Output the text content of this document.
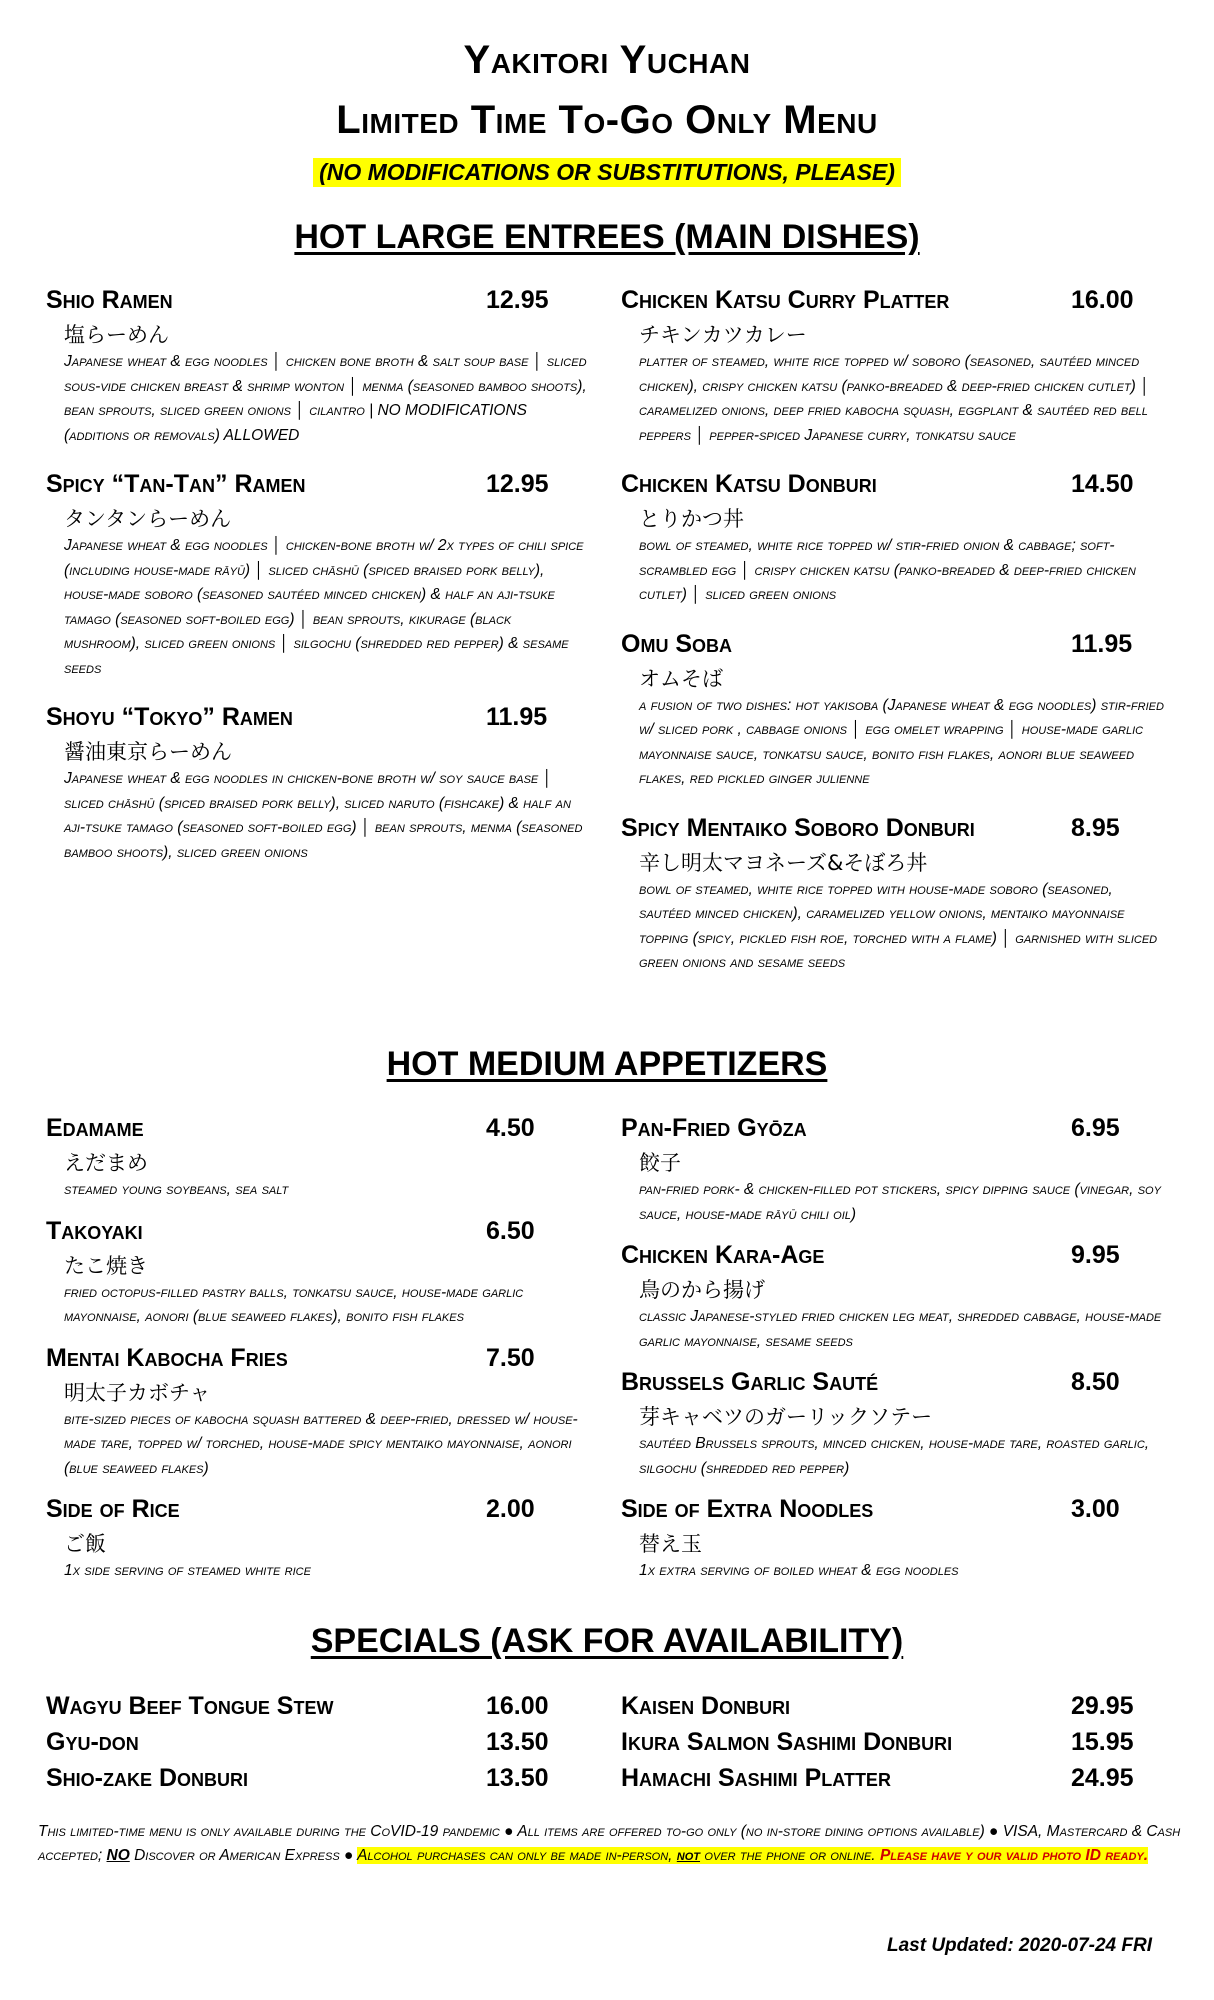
Yakitori Yuchan
Limited Time To-Go Only Menu
(NO MODIFICATIONS OR SUBSTITUTIONS, PLEASE)
HOT LARGE ENTREES (MAIN DISHES)
Shio Ramen	12.95
塩らーめん
Japanese wheat & egg noodles │ chicken bone broth & salt soup base │ sliced sous-vide chicken breast & shrimp wonton │ menma (seasoned bamboo shoots), bean sprouts, sliced green onions │ cilantro | NO MODIFICATIONS (additions or removals) ALLOWED
Spicy “Tan-Tan” Ramen	12.95
タンタンらーめん
Japanese wheat & egg noodles │ chicken-bone broth w/ 2x types of chili spice (including house-made rāyū) │ sliced chāshū (spiced braised pork belly), house-made soboro (seasoned sautéed minced chicken) & half an aji-tsuke tamago (seasoned soft-boiled egg) │ bean sprouts, kikurage (black mushroom), sliced green onions │ silgochu (shredded red pepper) & sesame seeds
Shoyu “Tokyo” Ramen	11.95
醤油東京らーめん
Japanese wheat & egg noodles in chicken-bone broth w/ soy sauce base │ sliced chāshū (spiced braised pork belly), sliced naruto (fishcake) & half an aji-tsuke tamago (seasoned soft-boiled egg) │ bean sprouts, menma (seasoned bamboo shoots), sliced green onions
Chicken Katsu Curry Platter	16.00
チキンカツカレー
platter of steamed, white rice topped w/ soboro (seasoned, sautéed minced chicken), crispy chicken katsu (panko-breaded & deep-fried chicken cutlet) │ caramelized onions, deep fried kabocha squash, eggplant & sautéed red bell peppers │ pepper-spiced Japanese curry, tonkatsu sauce
Chicken Katsu Donburi	14.50
とりかつ丼
bowl of steamed, white rice topped w/ stir-fried onion & cabbage; soft-scrambled egg │ crispy chicken katsu (panko-breaded & deep-fried chicken cutlet) │ sliced green onions
Omu Soba	11.95
オムそば
a fusion of two dishes: hot yakisoba (Japanese wheat & egg noodles) stir-fried w/ sliced pork , cabbage onions │ egg omelet wrapping │ house-made garlic mayonnaise sauce, tonkatsu sauce, bonito fish flakes, aonori blue seaweed flakes, red pickled ginger julienne
Spicy Mentaiko Soboro Donburi	8.95
辛し明太マヨネーズ&そぼろ丼
bowl of steamed, white rice topped with house-made soboro (seasoned, sautéed minced chicken), caramelized yellow onions, mentaiko mayonnaise topping (spicy, pickled fish roe, torched with a flame) │ garnished with sliced green onions and sesame seeds
HOT MEDIUM APPETIZERS
Edamame	4.50
えだまめ
steamed young soybeans, sea salt
Takoyaki	6.50
たこ焼き
fried octopus-filled pastry balls, tonkatsu sauce, house-made garlic mayonnaise, aonori (blue seaweed flakes), bonito fish flakes
Mentai Kabocha Fries	7.50
明太子カボチャ
bite-sized pieces of kabocha squash battered & deep-fried, dressed w/ house-made tare, topped w/ torched, house-made spicy mentaiko mayonnaise, aonori (blue seaweed flakes)
Side of Rice	2.00
ご飯
1x side serving of steamed white rice
Pan-Fried Gyōza	6.95
餃子
pan-fried pork- & chicken-filled pot stickers, spicy dipping sauce (vinegar, soy sauce, house-made rāyū chili oil)
Chicken Kara-Age	9.95
鳥のから揚げ
classic Japanese-styled fried chicken leg meat, shredded cabbage, house-made garlic mayonnaise, sesame seeds
Brussels Garlic Sauté	8.50
芽キャベツのガーリックソテー
sautéed Brussels sprouts, minced chicken, house-made tare, roasted garlic, silgochu (shredded red pepper)
Side of Extra Noodles	3.00
替え玉
1x extra serving of boiled wheat & egg noodles
SPECIALS (ASK FOR AVAILABILITY)
Wagyu Beef Tongue Stew	16.00
Gyu-don	13.50
Shio-zake Donburi	13.50
Kaisen Donburi	29.95
Ikura Salmon Sashimi Donburi	15.95
Hamachi Sashimi Platter	24.95
This limited-time menu is only available during the CoVID-19 pandemic ● All items are offered to-go only (no in-store dining options available) ● VISA, Mastercard & Cash accepted; NO Discover or American Express ● Alcohol purchases can only be made in-person, not over the phone or online. Please have y our valid photo ID ready.
Last Updated: 2020-07-24 FRI
